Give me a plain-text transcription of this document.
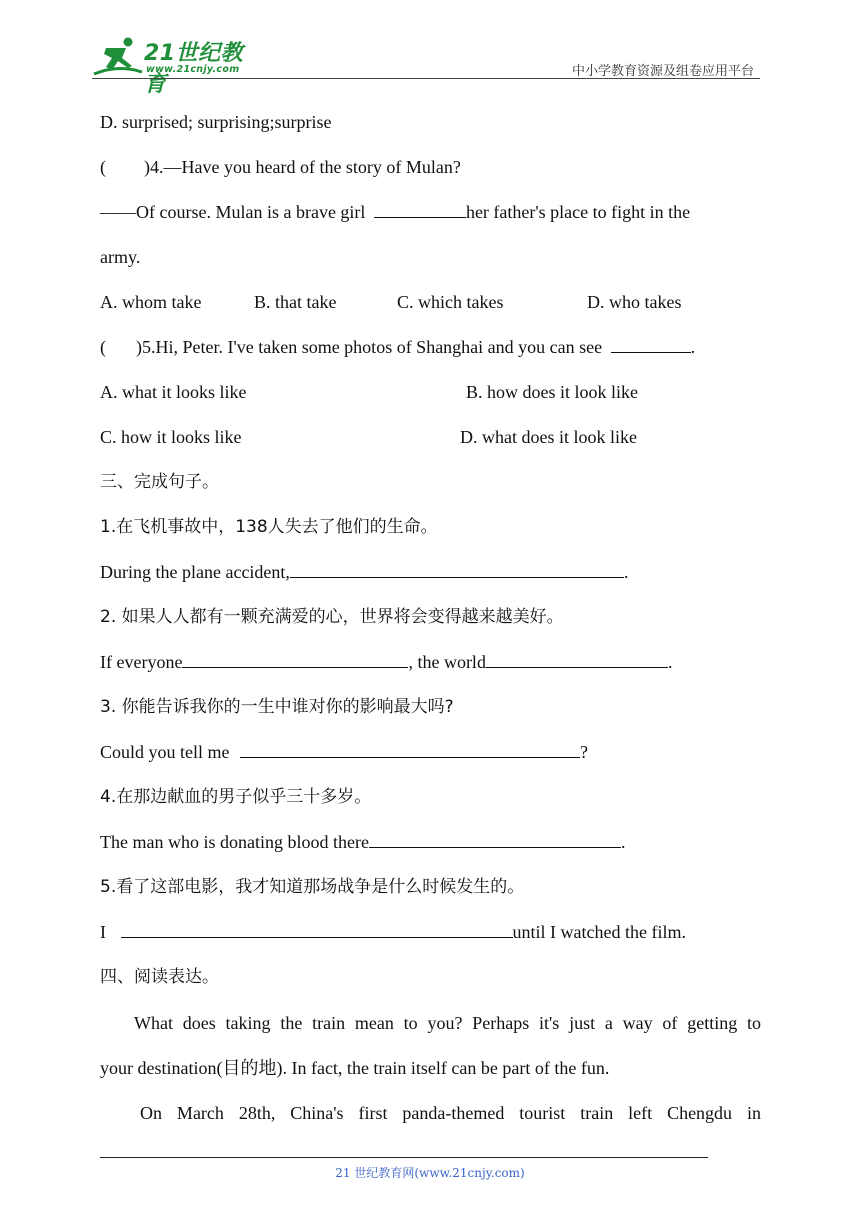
21世纪教育
www.21cnjy.com	中小学教育资源及组卷应用平台
D. surprised; surprising;surprise
( )4.—Have you heard of the story of Mulan?
——Of course. Mulan is a brave girl	her father's place to fight in the
army.
A. whom take	B. that take	C. which takes	D. who takes
( )5.Hi, Peter. I've taken some photos of Shanghai and you can see	.
A. what it looks like	B. how does it look like
C. how it looks like	D. what does it look like
三、完成句子。
1.在飞机事故中，138人失去了他们的生命。
During the plane accident,	.
2. 如果人人都有一颗充满爱的心，世界将会变得越来越美好。
If everyone	, the world	.
3. 你能告诉我你的一生中谁对你的影响最大吗?
Could you tell me	?
4.在那边献血的男子似乎三十多岁。
The man who is donating blood there	.
5.看了这部电影，我才知道那场战争是什么时候发生的。
I	until I watched the film.
四、阅读表达。
What does taking the train mean to you? Perhaps it's just a way of getting to
your destination(目的地). In fact, the train itself can be part of the fun.
On March 28th, China's first panda-themed tourist train left Chengdu in
21 世纪教育网(www.21cnjy.com)
